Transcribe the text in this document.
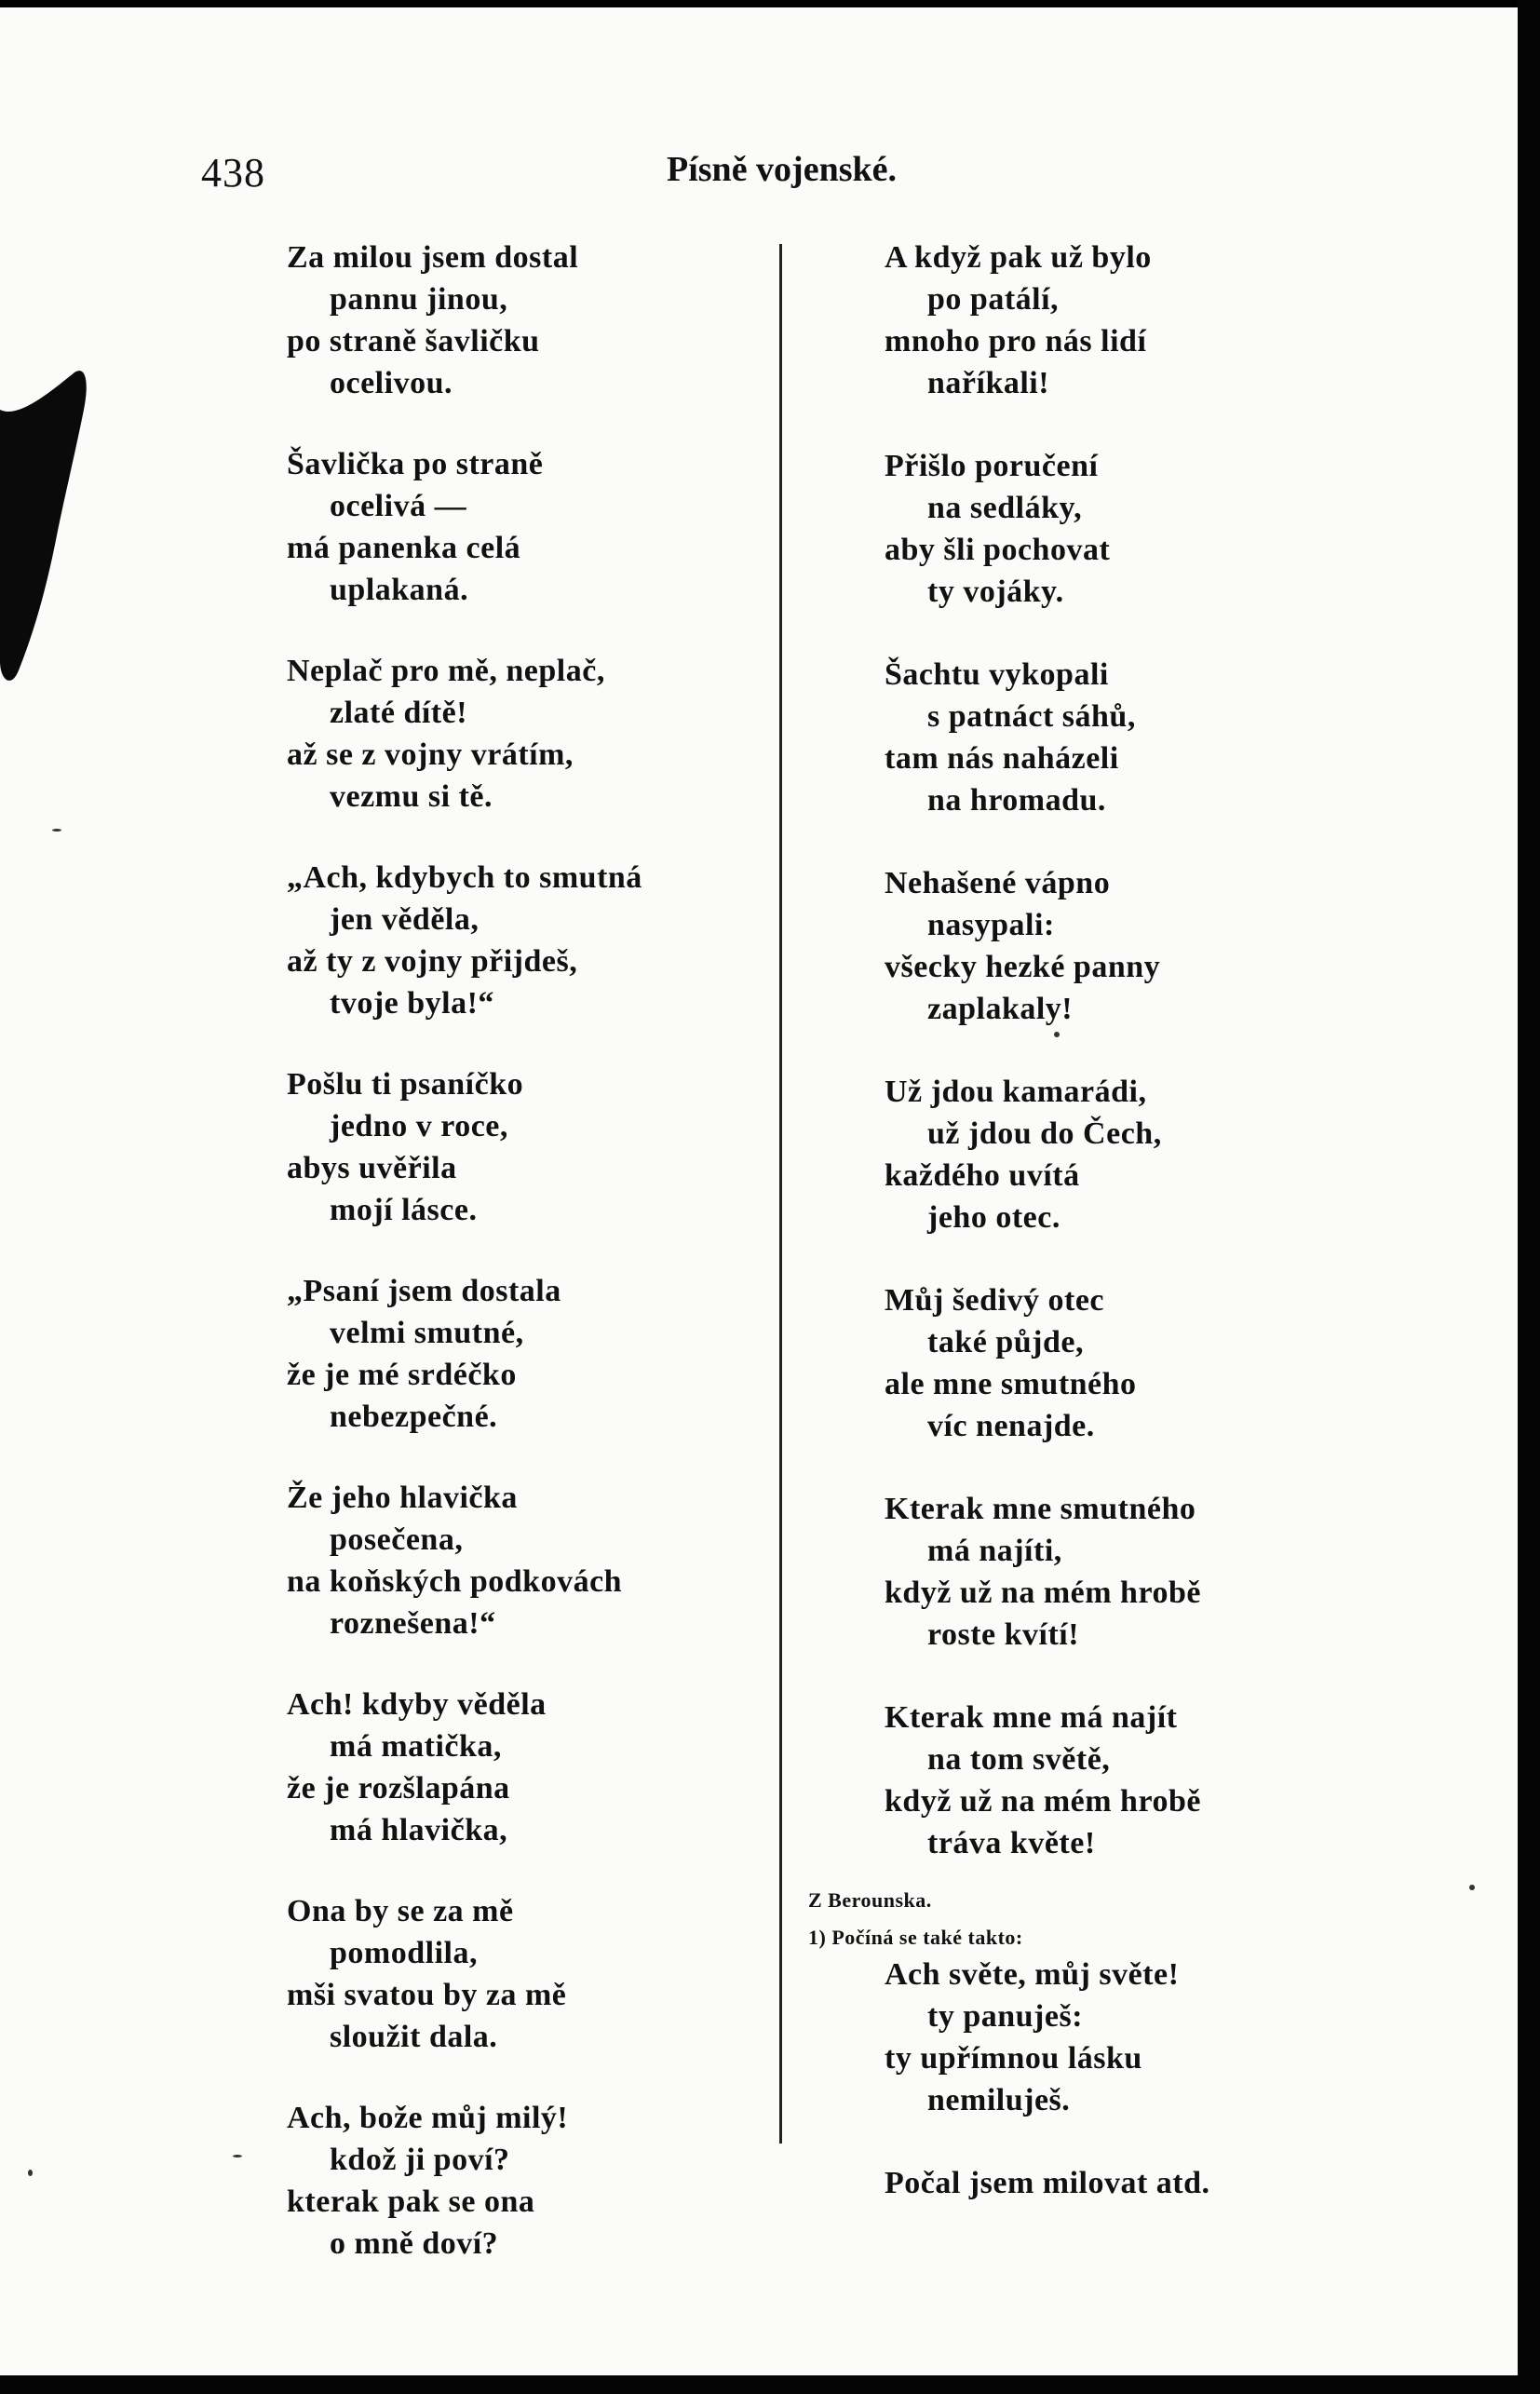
438	Písně vojenské.
Za milou jsem dostal
pannu jinou,
po straně šavličku
ocelivou.
Šavlička po straně
ocelivá —
má panenka celá
uplakaná.
Neplač pro mě, neplač,
zlaté dítě!
až se z vojny vrátím,
vezmu si tě.
„Ach, kdybych to smutná
jen věděla,
až ty z vojny přijdeš,
tvoje byla!“
Pošlu ti psaníčko
jedno v roce,
abys uvěřila
mojí lásce.
„Psaní jsem dostala
velmi smutné,
že je mé srdéčko
nebezpečné.
Že jeho hlavička
posečena,
na koňských podkovách
roznešena!“
Ach! kdyby věděla
má matička,
že je rozšlapána
má hlavička,
Ona by se za mě
pomodlila,
mši svatou by za mě
sloužit dala.
Ach, bože můj milý!
kdož ji poví?
kterak pak se ona
o mně doví?
A když pak už bylo
po patálí,
mnoho pro nás lidí
naříkali!
Přišlo poručení
na sedláky,
aby šli pochovat
ty vojáky.
Šachtu vykopali
s patnáct sáhů,
tam nás naházeli
na hromadu.
Nehašené vápno
nasypali:
všecky hezké panny
zaplakaly!
Už jdou kamarádi,
už jdou do Čech,
každého uvítá
jeho otec.
Můj šedivý otec
také půjde,
ale mne smutného
víc nenajde.
Kterak mne smutného
má najíti,
když už na mém hrobě
roste kvítí!
Kterak mne má najít
na tom světě,
když už na mém hrobě
tráva květe!
Z Berounska.
1) Počíná se také takto:
Ach světe, můj světe!
ty panuješ:
ty upřímnou lásku
nemiluješ.
Počal jsem milovat atd.
